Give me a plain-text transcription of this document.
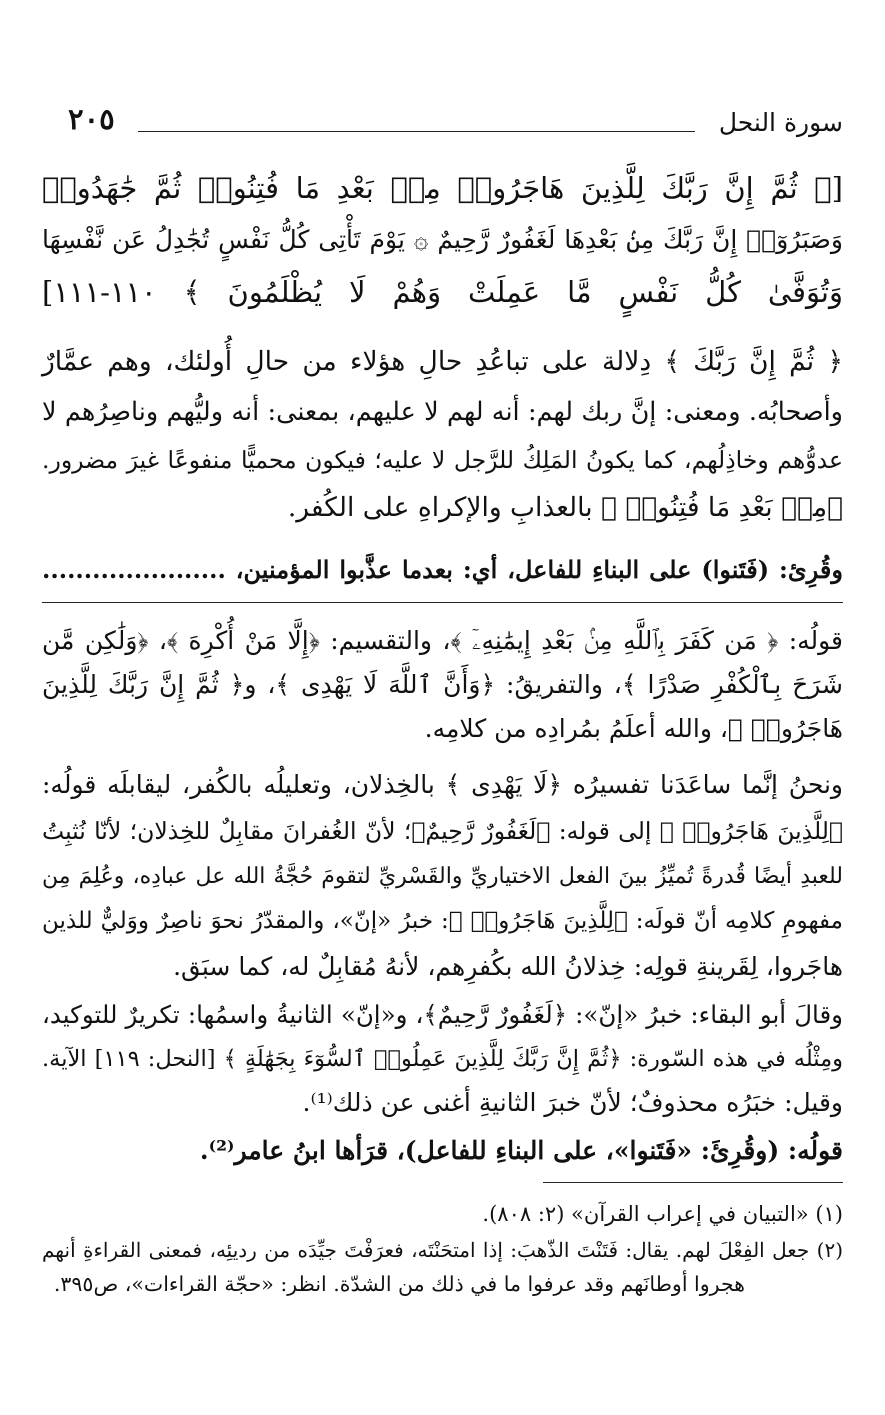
سورة النحل
٢٠٥
[﴿ ثُمَّ إِنَّ رَبَّكَ لِلَّذِينَ هَاجَرُوا۟ مِنۢ بَعْدِ مَا فُتِنُوا۟ ثُمَّ جَٰهَدُوا۟
وَصَبَرُوٓا۟ إِنَّ رَبَّكَ مِنۢ بَعْدِهَا لَغَفُورٌ رَّحِيمٌ ۞ يَوْمَ تَأْتِى كُلُّ نَفْسٍ تُجَٰدِلُ عَن نَّفْسِهَا
وَتُوَفَّىٰ كُلُّ نَفْسٍ مَّا عَمِلَتْ وَهُمْ لَا يُظْلَمُونَ ﴾ ١١٠-١١١]
﴿ ثُمَّ إِنَّ رَبَّكَ ﴾ دِلالة على تباعُدِ حالِ هؤلاء من حالِ أُولئك، وهم عمَّارٌ
وأصحابُه. ومعنى: إنَّ ربك لهم: أنه لهم لا عليهم، بمعنى: أنه وليُّهم وناصِرُهم لا
عدوُّهم وخاذِلُهم، كما يكونُ المَلِكُ للرَّجل لا عليه؛ فيكون محميًّا منفوعًا غيرَ مضرور.
﴿مِنۢ بَعْدِ مَا فُتِنُوا۟ ﴾ بالعذابِ والإكراهِ على الكُفر.
وقُرِئ: (فَتَنوا) على البناءِ للفاعل، أي: بعدما عذَّبوا المؤمنين، ......................
قولُه: ﴿ مَن كَفَرَ بِٱللَّهِ مِنۢ بَعْدِ إِيمَٰنِهِۦٓ ﴾، والتقسيم: ﴿إِلَّا مَنْ أُكْرِهَ ﴾، ﴿وَلَٰكِن مَّن
شَرَحَ بِٱلْكُفْرِ صَدْرًا ﴾، والتفريقُ: ﴿وَأَنَّ ٱللَّهَ لَا يَهْدِى ﴾، و﴿ ثُمَّ إِنَّ رَبَّكَ لِلَّذِينَ
هَاجَرُوا۟ ﴾، والله أعلَمُ بمُرادِه من كلامِه.
ونحنُ إنَّما ساعَدَنا تفسيرُه ﴿لَا يَهْدِى ﴾ بالخِذلان، وتعليلُه بالكُفر، ليقابلَه قولُه:
﴿لِلَّذِينَ هَاجَرُوا۟ ﴾ إلى قوله: ﴿لَغَفُورٌ رَّحِيمٌ﴾؛ لأنّ الغُفرانَ مقابِلٌ للخِذلان؛ لأنّا نُثبِتُ
للعبدِ أيضًا قُدرةً تُميِّزُ بينَ الفعل الاختياريِّ والقَسْريِّ لتقومَ حُجَّةُ الله عل عبادِه، وعُلِمَ مِن
مفهومِ كلامِه أنّ قولَه: ﴿لِلَّذِينَ هَاجَرُوا۟ ﴾: خبرُ «إنّ»، والمقدّرُ نحوَ ناصِرٌ ووَليٌّ للذين
هاجَروا، لِقَرينةِ قولِه: خِذلانُ الله بكُفرِهم، لأنهُ مُقابِلٌ له، كما سبَق.
وقالَ أبو البقاء: خبرُ «إنّ»: ﴿لَغَفُورٌ رَّحِيمٌ﴾، و«إنّ» الثانيةُ واسمُها: تكريرٌ للتوكيد،
ومِثْلُه في هذه السّورة: ﴿ثُمَّ إِنَّ رَبَّكَ لِلَّذِينَ عَمِلُوا۟ ٱلسُّوٓءَ بِجَهَٰلَةٍ ﴾ [النحل: ١١٩] الآية.
وقيل: خبَرُه محذوفٌ؛ لأنّ خبرَ الثانيةِ أغنى عن ذلك⁽¹⁾.
قولُه: (وقُرِئَ: «فَتَنوا»، على البناءِ للفاعل)، قرَأها ابنُ عامر⁽²⁾.
(١) «التبيان في إعراب القرآن» (٢: ٨٠٨).
(٢) جعل الفِعْلَ لهم. يقال: فَتَنْتَ الذّهبَ: إذا امتحَنْتَه، فعرَفْتَ جيِّدَه من رديئِه، فمعنى القراءةِ أنهم
هجروا أوطانَهم وقد عرفوا ما في ذلك من الشدّة. انظر: «حجّة القراءات»، ص٣٩٥.
